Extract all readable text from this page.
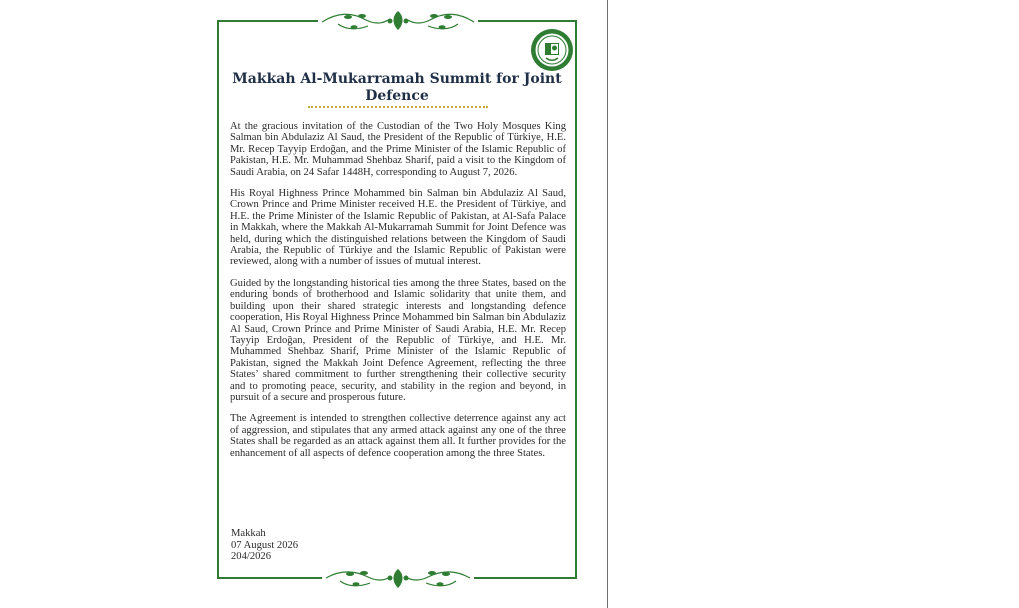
Makkah Al-Mukarramah Summit for Joint Defence

At the gracious invitation of the Custodian of the Two Holy Mosques King Salman bin Abdulaziz Al Saud, the President of the Republic of Türkiye, H.E. Mr. Recep Tayyip Erdoğan, and the Prime Minister of the Islamic Republic of Pakistan, H.E. Mr. Muhammad Shehbaz Sharif, paid a visit to the Kingdom of Saudi Arabia, on 24 Safar 1448H, corresponding to August 7, 2026.

His Royal Highness Prince Mohammed bin Salman bin Abdulaziz Al Saud, Crown Prince and Prime Minister received H.E. the President of Türkiye, and H.E. the Prime Minister of the Islamic Republic of Pakistan, at Al-Safa Palace in Makkah, where the Makkah Al-Mukarramah Summit for Joint Defence was held, during which the distinguished relations between the Kingdom of Saudi Arabia, the Republic of Türkiye and the Islamic Republic of Pakistan were reviewed, along with a number of issues of mutual interest.

Guided by the longstanding historical ties among the three States, based on the enduring bonds of brotherhood and Islamic solidarity that unite them, and building upon their shared strategic interests and longstanding defence cooperation, His Royal Highness Prince Mohammed bin Salman bin Abdulaziz Al Saud, Crown Prince and Prime Minister of Saudi Arabia, H.E. Mr. Recep Tayyip Erdoğan, President of the Republic of Türkiye, and H.E. Mr. Muhammed Shehbaz Sharif, Prime Minister of the Islamic Republic of Pakistan, signed the Makkah Joint Defence Agreement, reflecting the three States’ shared commitment to further strengthening their collective security and to promoting peace, security, and stability in the region and beyond, in pursuit of a secure and prosperous future.

The Agreement is intended to strengthen collective deterrence against any act of aggression, and stipulates that any armed attack against any one of the three States shall be regarded as an attack against them all. It further provides for the enhancement of all aspects of defence cooperation among the three States.

Makkah
07 August 2026
204/2026
